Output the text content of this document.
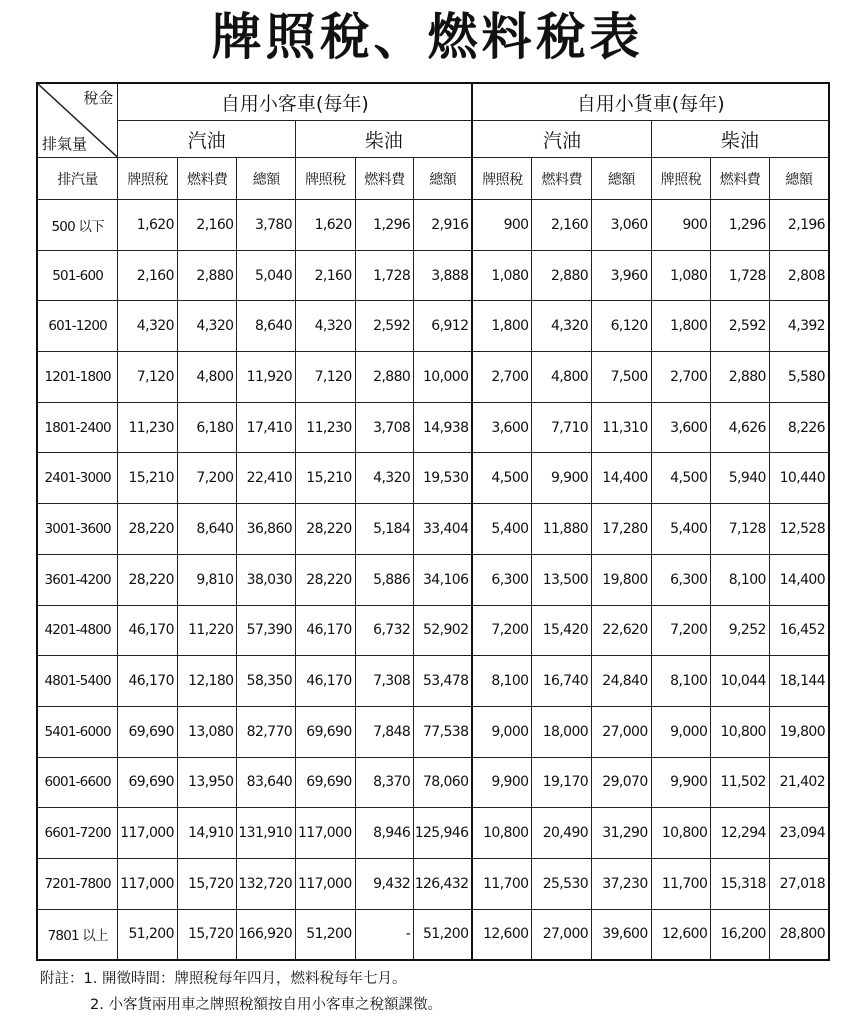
牌照稅、燃料稅表
稅金
排氣量	自用小客車(每年)						自用小貨車(每年)					
	汽油			柴油			汽油			柴油		
排汽量	牌照稅	燃料費	總額	牌照稅	燃料費	總額	牌照稅	燃料費	總額	牌照稅	燃料費	總額
500 以下	1,620	2,160	3,780	1,620	1,296	2,916	900	2,160	3,060	900	1,296	2,196
501-600	2,160	2,880	5,040	2,160	1,728	3,888	1,080	2,880	3,960	1,080	1,728	2,808
601-1200	4,320	4,320	8,640	4,320	2,592	6,912	1,800	4,320	6,120	1,800	2,592	4,392
1201-1800	7,120	4,800	11,920	7,120	2,880	10,000	2,700	4,800	7,500	2,700	2,880	5,580
1801-2400	11,230	6,180	17,410	11,230	3,708	14,938	3,600	7,710	11,310	3,600	4,626	8,226
2401-3000	15,210	7,200	22,410	15,210	4,320	19,530	4,500	9,900	14,400	4,500	5,940	10,440
3001-3600	28,220	8,640	36,860	28,220	5,184	33,404	5,400	11,880	17,280	5,400	7,128	12,528
3601-4200	28,220	9,810	38,030	28,220	5,886	34,106	6,300	13,500	19,800	6,300	8,100	14,400
4201-4800	46,170	11,220	57,390	46,170	6,732	52,902	7,200	15,420	22,620	7,200	9,252	16,452
4801-5400	46,170	12,180	58,350	46,170	7,308	53,478	8,100	16,740	24,840	8,100	10,044	18,144
5401-6000	69,690	13,080	82,770	69,690	7,848	77,538	9,000	18,000	27,000	9,000	10,800	19,800
6001-6600	69,690	13,950	83,640	69,690	8,370	78,060	9,900	19,170	29,070	9,900	11,502	21,402
6601-7200	117,000	14,910	131,910	117,000	8,946	125,946	10,800	20,490	31,290	10,800	12,294	23,094
7201-7800	117,000	15,720	132,720	117,000	9,432	126,432	11,700	25,530	37,230	11,700	15,318	27,018
7801 以上	51,200	15,720	166,920	51,200	-	51,200	12,600	27,000	39,600	12,600	16,200	28,800
附註：1. 開徵時間：牌照稅每年四月，燃料稅每年七月。
2. 小客貨兩用車之牌照稅額按自用小客車之稅額課徵。
